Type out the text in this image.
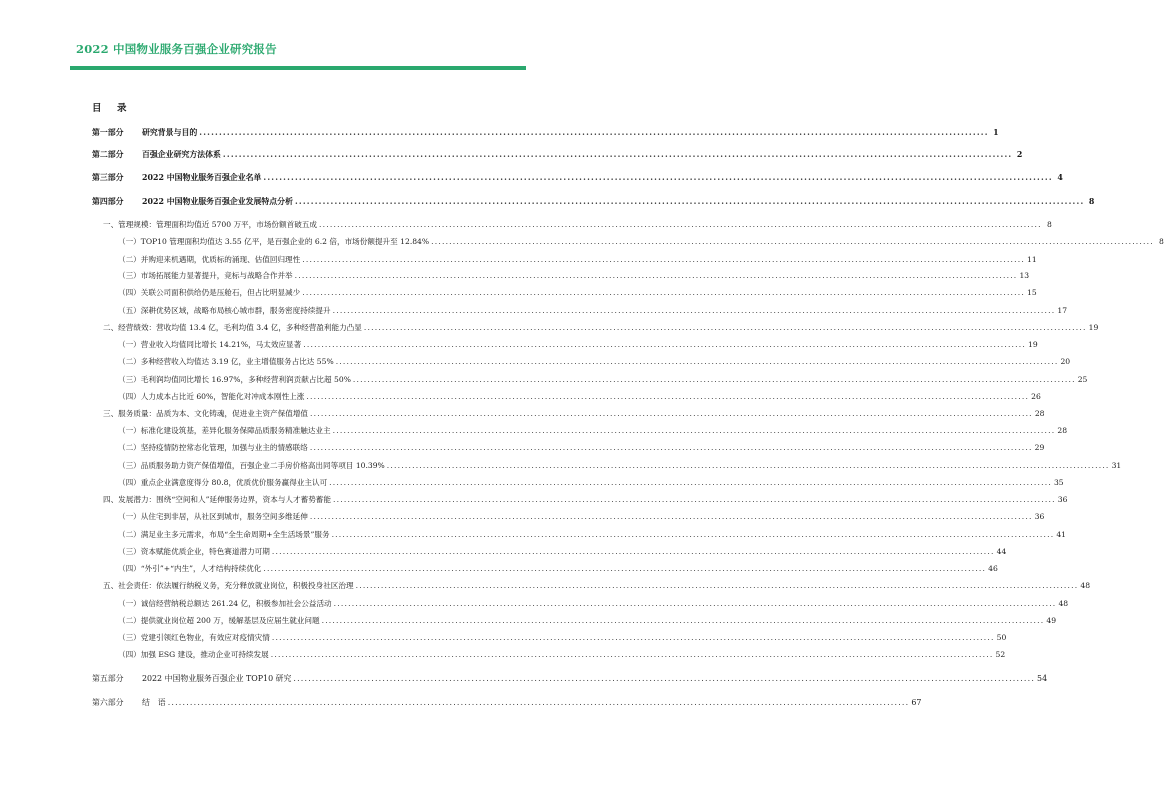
2022 中国物业服务百强企业研究报告
目　录
第一部分 研究背景与目的 ........................................................................................................................................................................................................ 1
第二部分 百强企业研究方法体系 ........................................................................................................................................................................................................ 2
第三部分 2022 中国物业服务百强企业名单 ........................................................................................................................................................................................................ 4
第四部分 2022 中国物业服务百强企业发展特点分析 ........................................................................................................................................................................................................ 8
一、管理规模：管理面积均值近 5700 万平，市场份额首破五成 ........................................................................................................................................................................................................ 8
（一）TOP10 管理面积均值达 3.55 亿平，是百强企业的 6.2 倍，市场份额提升至 12.84% ........................................................................................................................................................................................................ 8
（二）并购迎来机遇期，优质标的涌现、估值回归理性 ........................................................................................................................................................................................................ 11
（三）市场拓展能力显著提升，竞标与战略合作并举 ........................................................................................................................................................................................................ 13
（四）关联公司面积供给仍是压舱石，但占比明显减少 ........................................................................................................................................................................................................ 15
（五）深耕优势区域，战略布局核心城市群，服务密度持续提升 ........................................................................................................................................................................................................ 17
二、经营绩效：营收均值 13.4 亿，毛利均值 3.4 亿，多种经营盈利能力凸显 ........................................................................................................................................................................................................ 19
（一）营业收入均值同比增长 14.21%，马太效应显著 ........................................................................................................................................................................................................ 19
（二）多种经营收入均值达 3.19 亿，业主增值服务占比达 55% ........................................................................................................................................................................................................ 20
（三）毛利润均值同比增长 16.97%，多种经营利润贡献占比超 50% ........................................................................................................................................................................................................ 25
（四）人力成本占比近 60%，智能化对冲成本刚性上涨 ........................................................................................................................................................................................................ 26
三、服务质量：品质为本、文化铸魂，促进业主资产保值增值 ........................................................................................................................................................................................................ 28
（一）标准化建设筑基，差异化服务保障品质服务精准触达业主 ........................................................................................................................................................................................................ 28
（二）坚持疫情防控常态化管理，加强与业主的情感联络 ........................................................................................................................................................................................................ 29
（三）品质服务助力资产保值增值，百强企业二手房价格高出同等项目 10.39% ........................................................................................................................................................................................................ 31
（四）重点企业满意度得分 80.8，优质优价服务赢得业主认可 ........................................................................................................................................................................................................ 35
四、发展潜力：围绕“空间和人”延伸服务边界，资本与人才蓄势蓄能 ........................................................................................................................................................................................................ 36
（一）从住宅到非居，从社区到城市，服务空间多维延伸 ........................................................................................................................................................................................................ 36
（二）满足业主多元需求，布局“全生命周期+全生活场景”服务 ........................................................................................................................................................................................................ 41
（三）资本赋能优质企业，特色赛道潜力可期 ........................................................................................................................................................................................................ 44
（四）“外引”+“内生”，人才结构持续优化 ........................................................................................................................................................................................................ 46
五、社会责任：依法履行纳税义务，充分释放就业岗位，积极投身社区治理 ........................................................................................................................................................................................................ 48
（一）诚信经营纳税总额达 261.24 亿，积极参加社会公益活动 ........................................................................................................................................................................................................ 48
（二）提供就业岗位超 200 万，缓解基层及应届生就业问题 ........................................................................................................................................................................................................ 49
（三）党建引领红色物业，有效应对疫情灾情 ........................................................................................................................................................................................................ 50
（四）加强 ESG 建设，推动企业可持续发展 ........................................................................................................................................................................................................ 52
第五部分 2022 中国物业服务百强企业 TOP10 研究 ........................................................................................................................................................................................................ 54
第六部分 结　语 ........................................................................................................................................................................................................ 67
